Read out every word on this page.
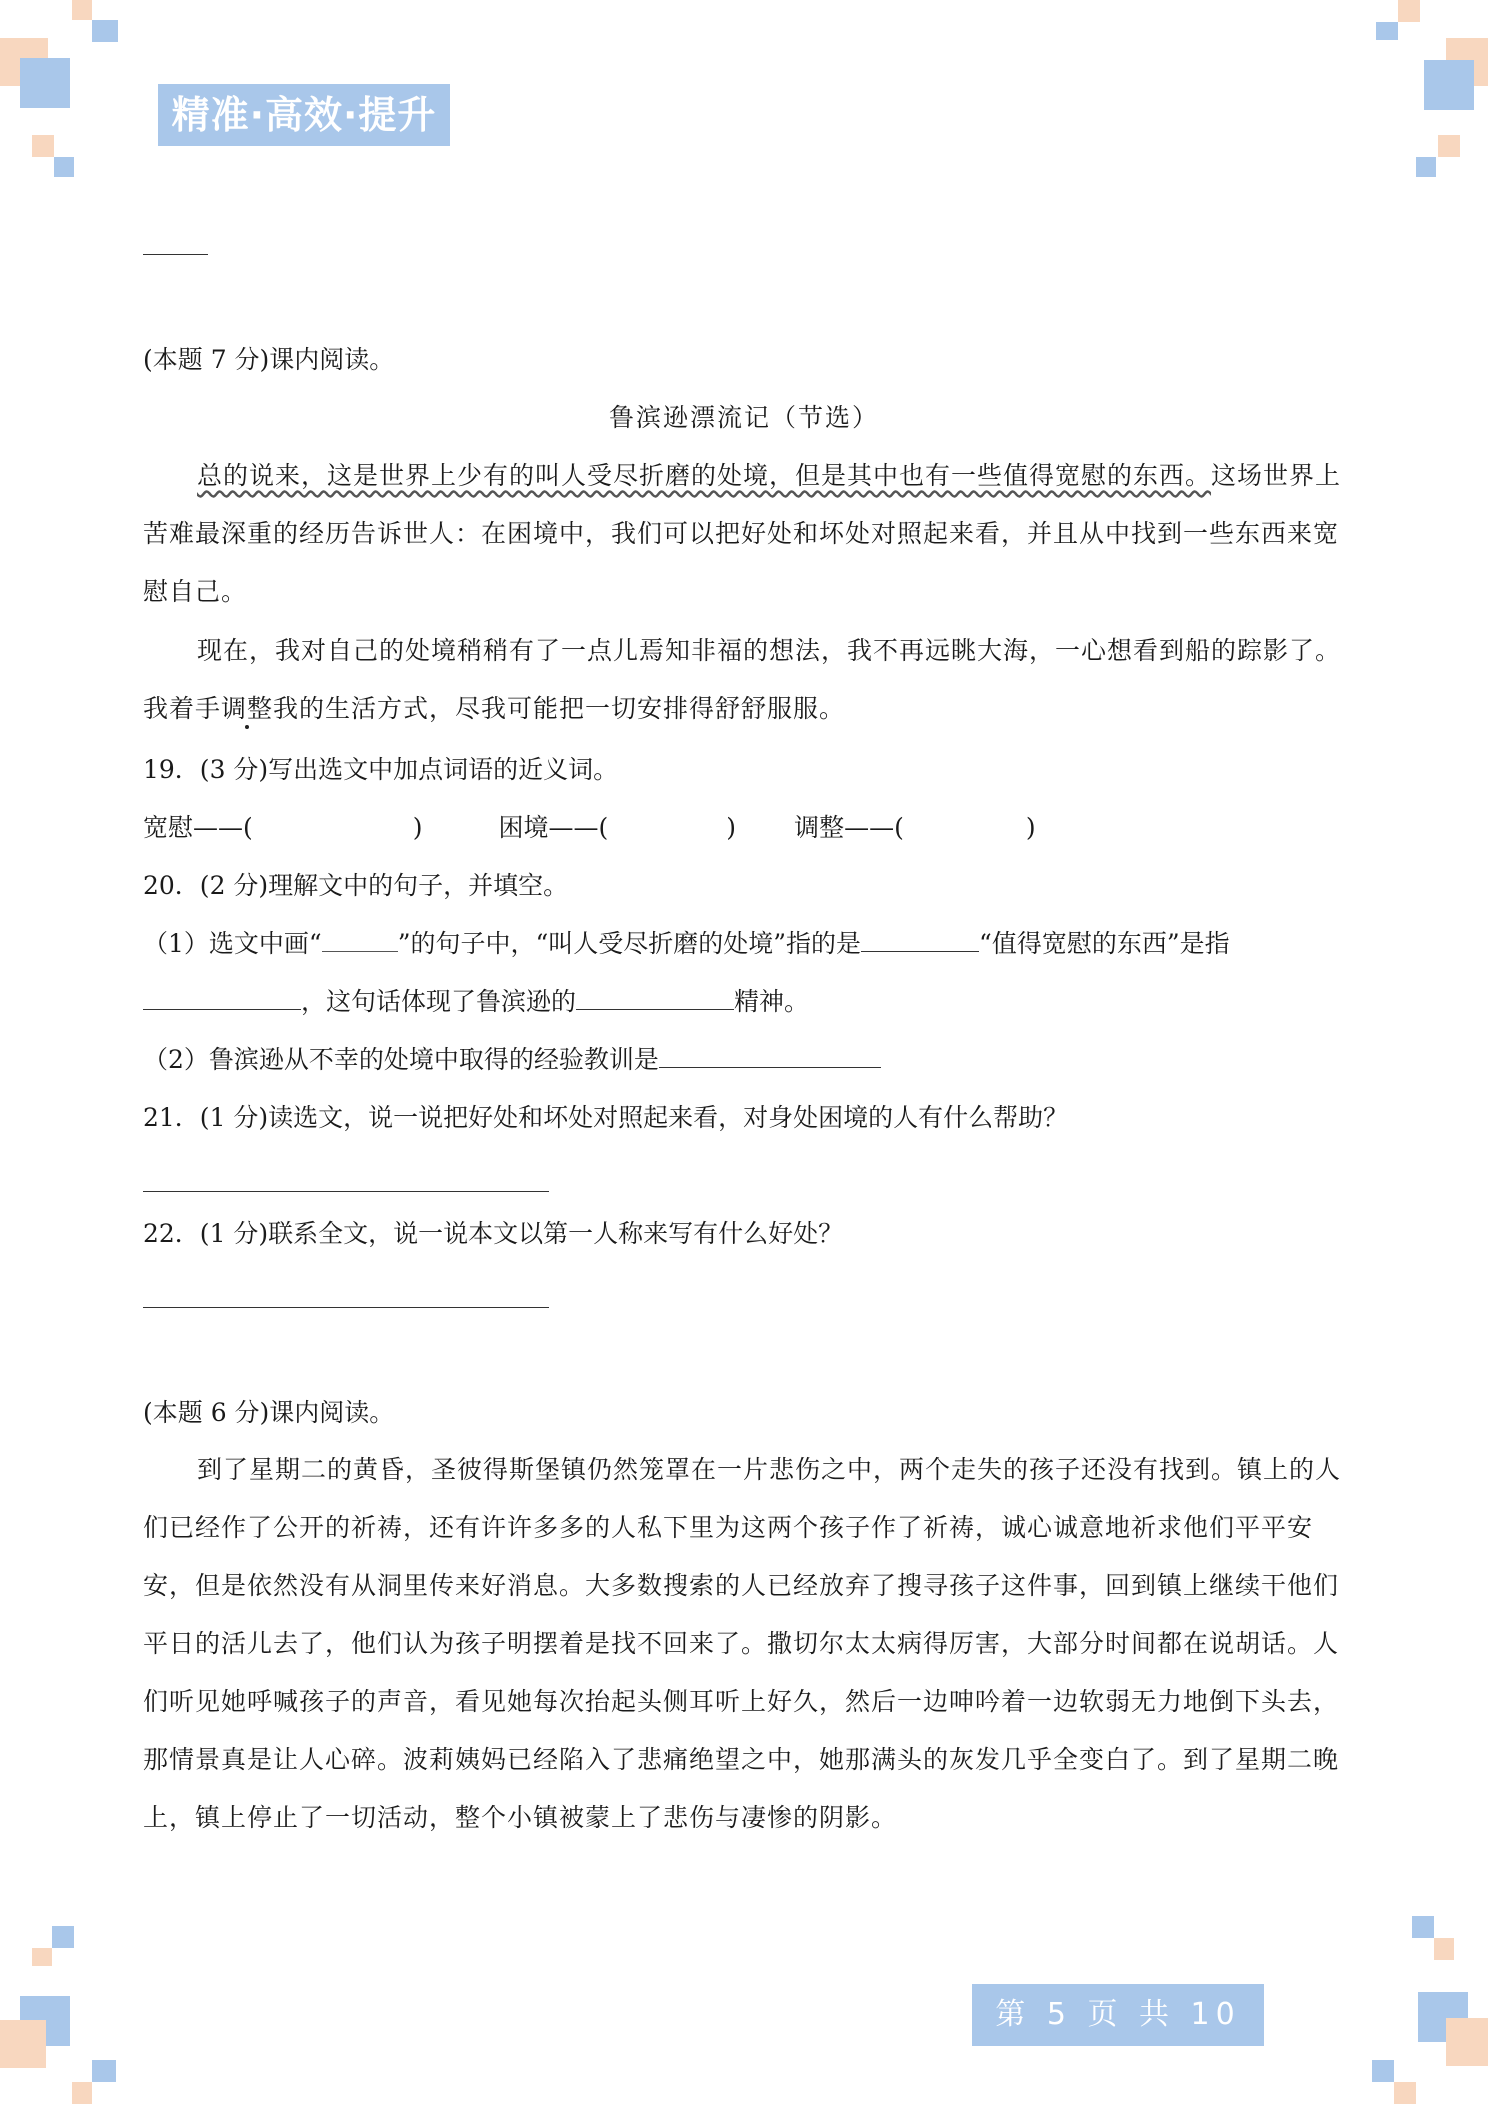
精准·高效·提升
(本题 7 分)课内阅读。
鲁滨逊漂流记（节选）
总的说来，这是世界上少有的叫人受尽折磨的处境，但是其中也有一些值得宽慰的东西。这场世界上苦难最深重的经历告诉世人：在困境中，我们可以把好处和坏处对照起来看，并且从中找到一些东西来宽慰自己。
现在，我对自己的处境稍稍有了一点儿焉知非福的想法，我不再远眺大海，一心想看到船的踪影了。我着手调整我的生活方式，尽我可能把一切安排得舒舒服服。
19．(3 分)写出选文中加点词语的近义词。
宽慰——(	)	困境——(	) 调整——(	)
20．(2 分)理解文中的句子，并填空。
（1）选文中画“	”的句子中，“叫人受尽折磨的处境”指的是	“值得宽慰的东西”是指
，这句话体现了鲁滨逊的	精神。
（2）鲁滨逊从不幸的处境中取得的经验教训是
21．(1 分)读选文，说一说把好处和坏处对照起来看，对身处困境的人有什么帮助？
22．(1 分)联系全文，说一说本文以第一人称来写有什么好处？
(本题 6 分)课内阅读。
到了星期二的黄昏，圣彼得斯堡镇仍然笼罩在一片悲伤之中，两个走失的孩子还没有找到。镇上的人们已经作了公开的祈祷，还有许许多多的人私下里为这两个孩子作了祈祷，诚心诚意地祈求他们平平安安，但是依然没有从洞里传来好消息。大多数搜索的人已经放弃了搜寻孩子这件事，回到镇上继续干他们平日的活儿去了，他们认为孩子明摆着是找不回来了。撒切尔太太病得厉害，大部分时间都在说胡话。人们听见她呼喊孩子的声音，看见她每次抬起头侧耳听上好久，然后一边呻吟着一边软弱无力地倒下头去，那情景真是让人心碎。波莉姨妈已经陷入了悲痛绝望之中，她那满头的灰发几乎全变白了。到了星期二晚上，镇上停止了一切活动，整个小镇被蒙上了悲伤与凄惨的阴影。
第 5 页 共 10 页
